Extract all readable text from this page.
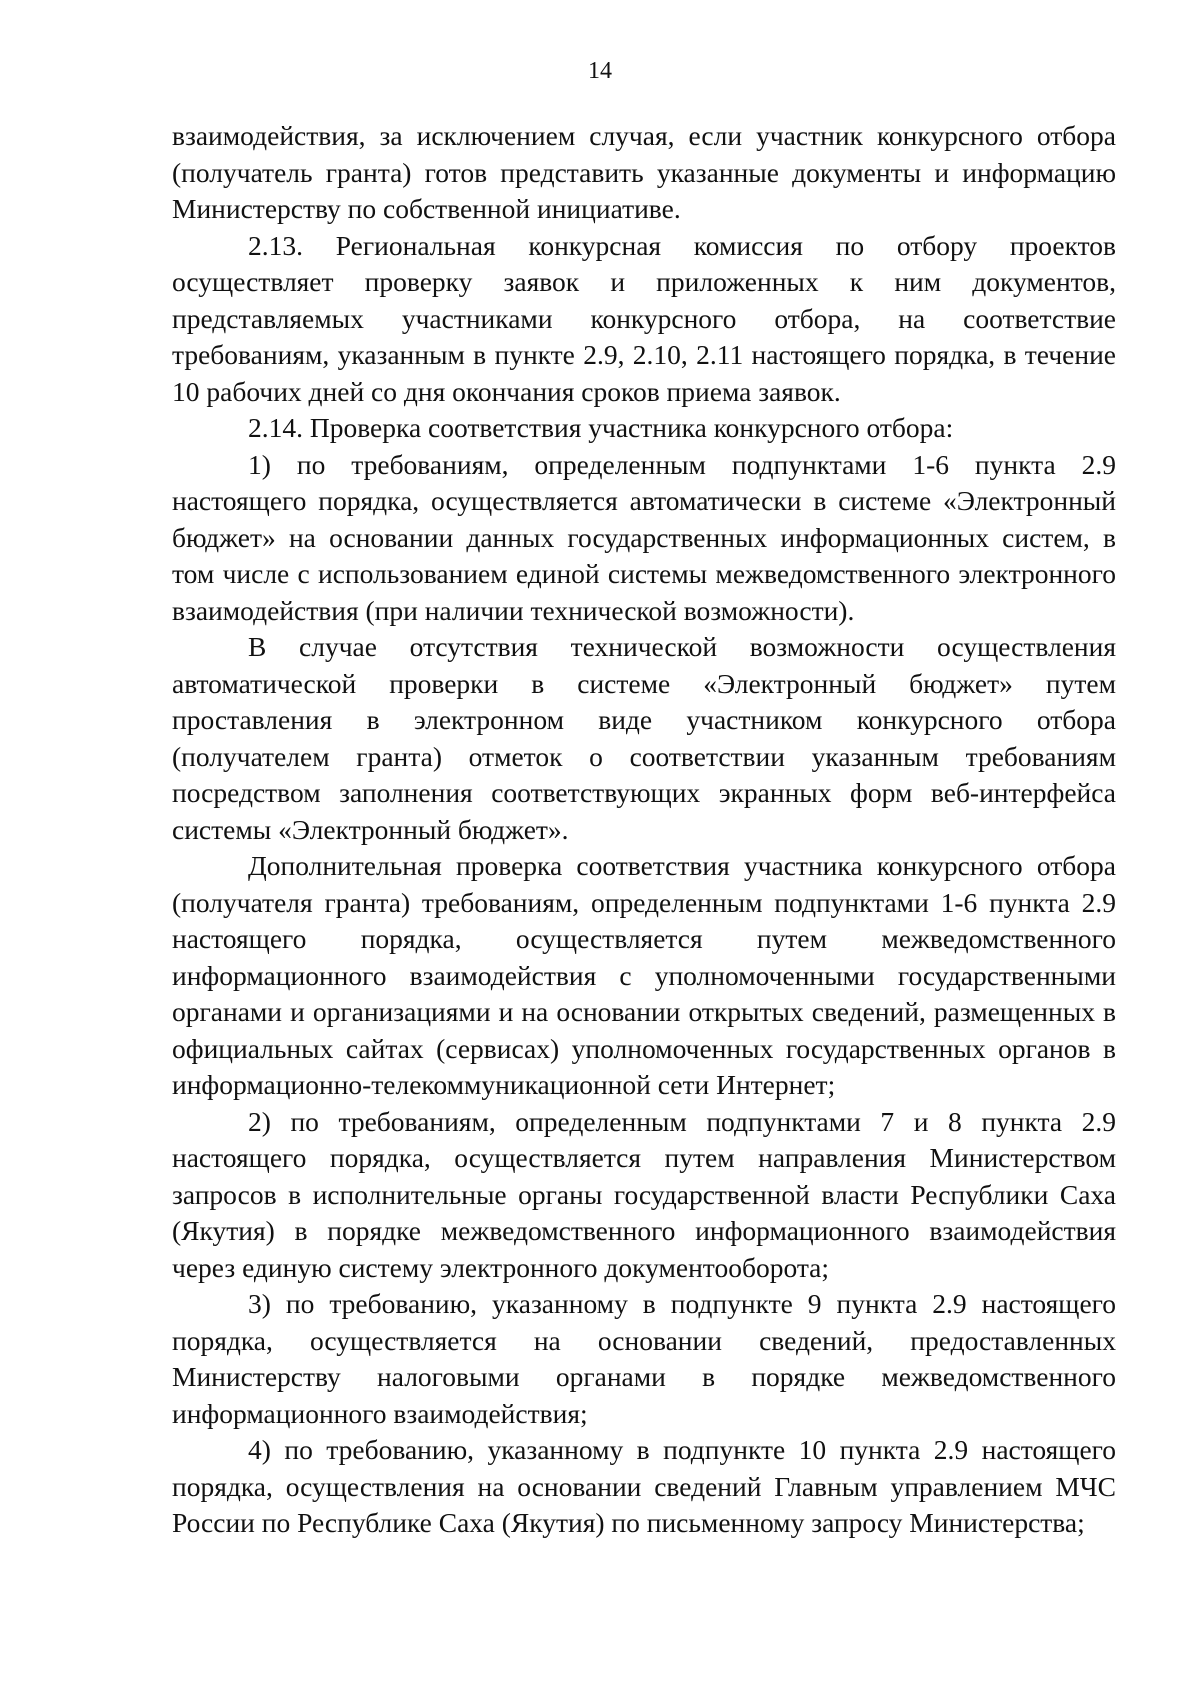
14

взаимодействия, за исключением случая, если участник конкурсного отбора (получатель гранта) готов представить указанные документы и информацию Министерству по собственной инициативе.

2.13. Региональная конкурсная комиссия по отбору проектов осуществляет проверку заявок и приложенных к ним документов, представляемых участниками конкурсного отбора, на соответствие требованиям, указанным в пункте 2.9, 2.10, 2.11 настоящего порядка, в течение 10 рабочих дней со дня окончания сроков приема заявок.

2.14. Проверка соответствия участника конкурсного отбора:

1) по требованиям, определенным подпунктами 1-6 пункта 2.9 настоящего порядка, осуществляется автоматически в системе «Электронный бюджет» на основании данных государственных информационных систем, в том числе с использованием единой системы межведомственного электронного взаимодействия (при наличии технической возможности).

В случае отсутствия технической возможности осуществления автоматической проверки в системе «Электронный бюджет» путем проставления в электронном виде участником конкурсного отбора (получателем гранта) отметок о соответствии указанным требованиям посредством заполнения соответствующих экранных форм веб-интерфейса системы «Электронный бюджет».

Дополнительная проверка соответствия участника конкурсного отбора (получателя гранта) требованиям, определенным подпунктами 1-6 пункта 2.9 настоящего порядка, осуществляется путем межведомственного информационного взаимодействия с уполномоченными государственными органами и организациями и на основании открытых сведений, размещенных в официальных сайтах (сервисах) уполномоченных государственных органов в информационно-телекоммуникационной сети Интернет;

2) по требованиям, определенным подпунктами 7 и 8 пункта 2.9 настоящего порядка, осуществляется путем направления Министерством запросов в исполнительные органы государственной власти Республики Саха (Якутия) в порядке межведомственного информационного взаимодействия через единую систему электронного документооборота;

3) по требованию, указанному в подпункте 9 пункта 2.9 настоящего порядка, осуществляется на основании сведений, предоставленных Министерству налоговыми органами в порядке межведомственного информационного взаимодействия;

4) по требованию, указанному в подпункте 10 пункта 2.9 настоящего порядка, осуществления на основании сведений Главным управлением МЧС России по Республике Саха (Якутия) по письменному запросу Министерства;
